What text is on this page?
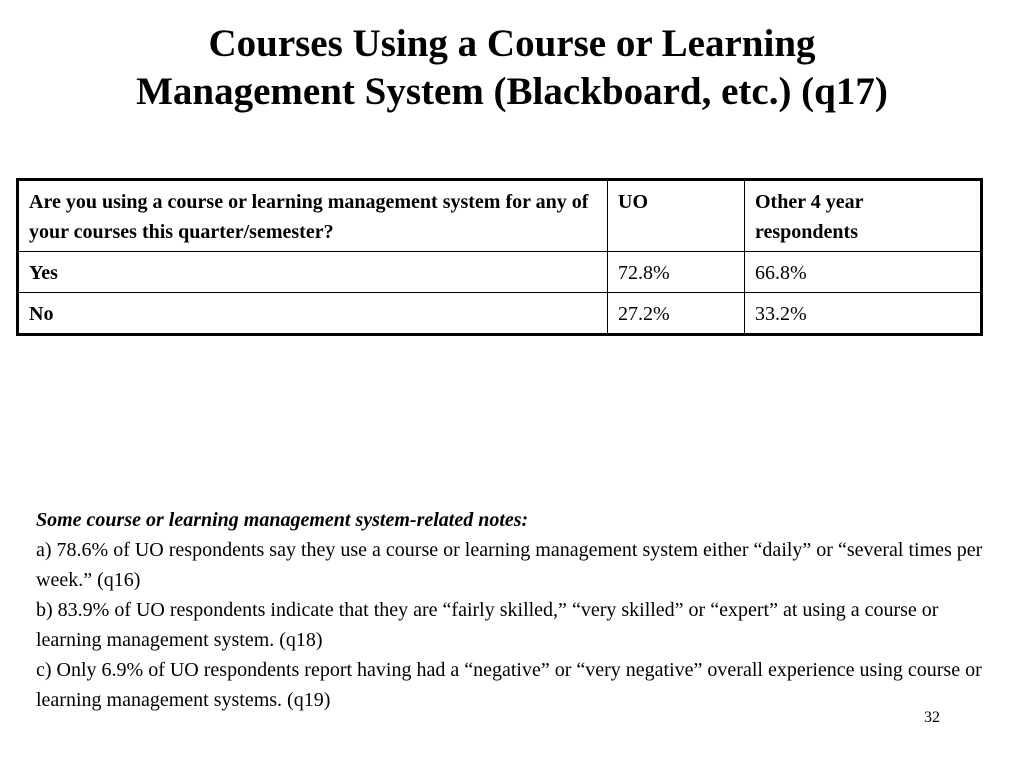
Courses Using a Course or Learning
Management System (Blackboard, etc.) (q17)
Are you using a course or learning management system for any of your courses this quarter/semester?	UO	Other 4 year respondents
Yes	72.8%	66.8%
No	27.2%	33.2%

Some course or learning management system-related notes:

a) 78.6% of UO respondents say they use a course or learning management system either “daily” or “several times per week.” (q16)

b) 83.9% of UO respondents indicate that they are “fairly skilled,” “very skilled” or “expert” at using a course or learning management system. (q18)

c) Only 6.9% of UO respondents report having had a “negative” or “very negative” overall experience using course or learning management systems. (q19)

32
